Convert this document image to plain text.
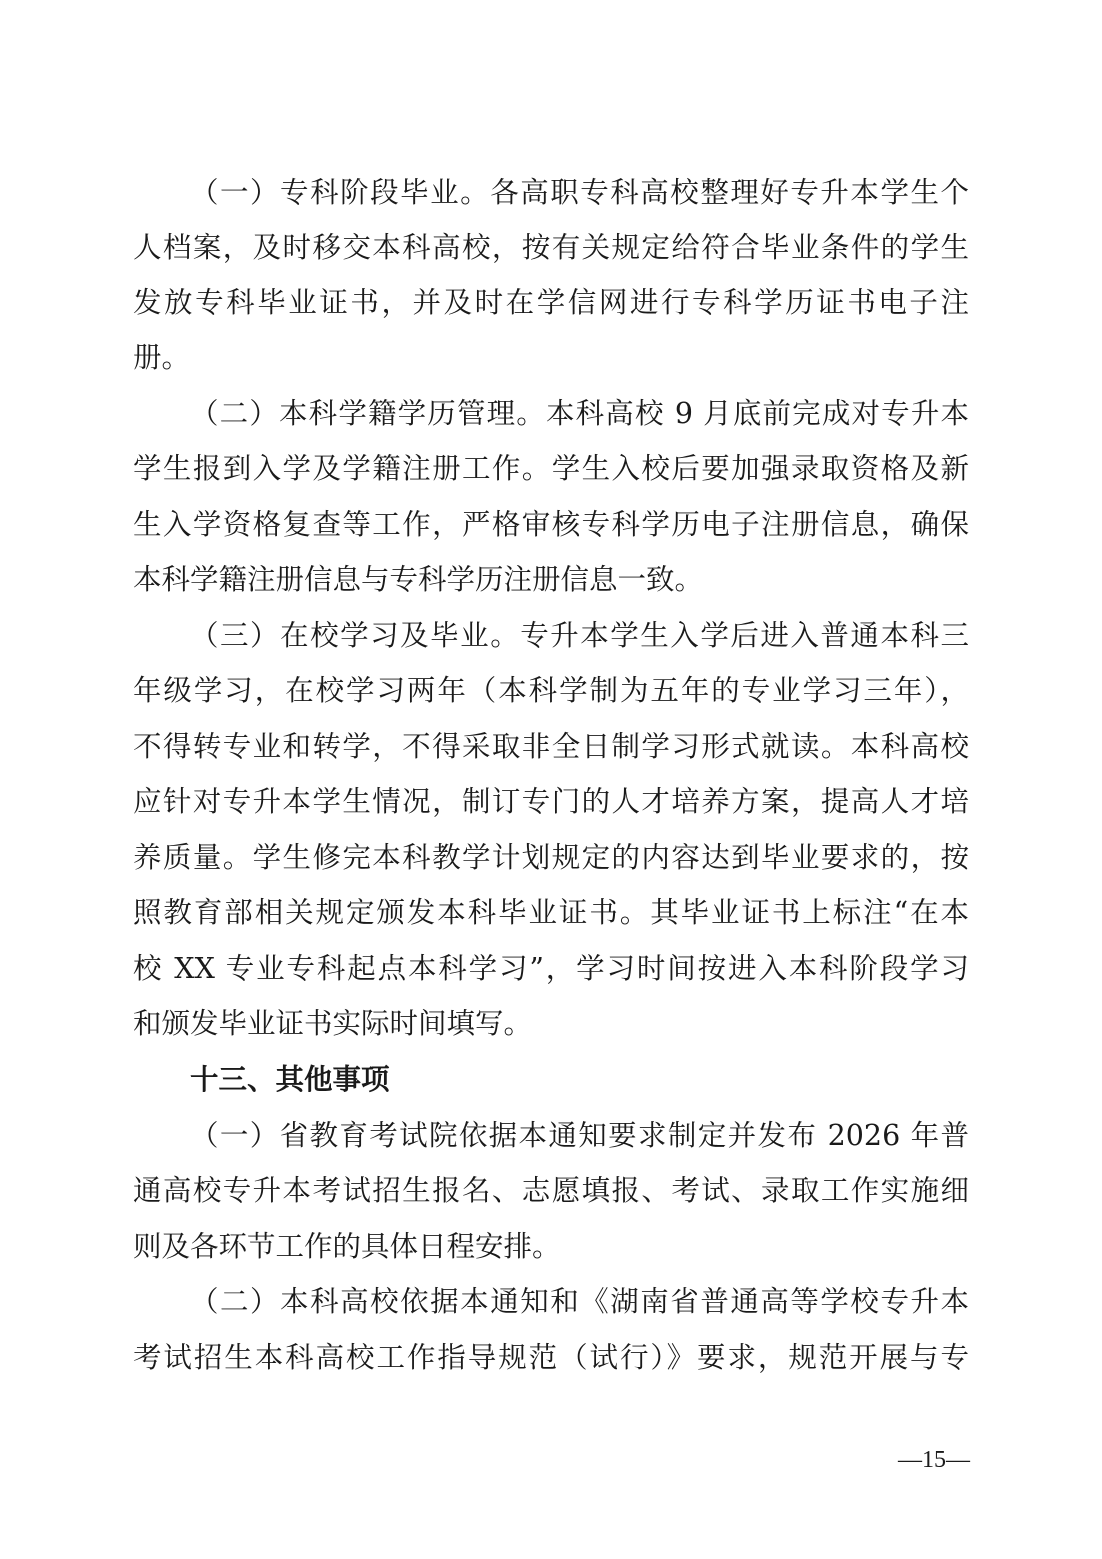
（一）专科阶段毕业。各高职专科高校整理好专升本学生个
人档案，及时移交本科高校，按有关规定给符合毕业条件的学生
发放专科毕业证书，并及时在学信网进行专科学历证书电子注
册。
（二）本科学籍学历管理。本科高校 9 月底前完成对专升本
学生报到入学及学籍注册工作。学生入校后要加强录取资格及新
生入学资格复查等工作，严格审核专科学历电子注册信息，确保
本科学籍注册信息与专科学历注册信息一致。
（三）在校学习及毕业。专升本学生入学后进入普通本科三
年级学习，在校学习两年（本科学制为五年的专业学习三年），
不得转专业和转学，不得采取非全日制学习形式就读。本科高校
应针对专升本学生情况，制订专门的人才培养方案，提高人才培
养质量。学生修完本科教学计划规定的内容达到毕业要求的，按
照教育部相关规定颁发本科毕业证书。其毕业证书上标注“在本
校 XX 专业专科起点本科学习”，学习时间按进入本科阶段学习
和颁发毕业证书实际时间填写。
十三、其他事项
（一）省教育考试院依据本通知要求制定并发布 2026 年普
通高校专升本考试招生报名、志愿填报、考试、录取工作实施细
则及各环节工作的具体日程安排。
（二）本科高校依据本通知和《湖南省普通高等学校专升本
考试招生本科高校工作指导规范（试行）》要求，规范开展与专
—15—
